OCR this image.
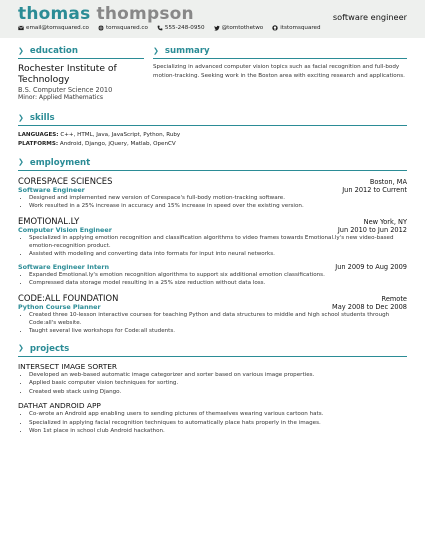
thomas thompson	software engineer
email@tomsquared.co	tomsquared.co	555-248-0950	@tomtothetwo	itstomsquared
❯ education
Rochester Institute of Technology
B.S. Computer Science 2010
Minor: Applied Mathematics
❯ summary
Specializing in advanced computer vision topics such as facial recognition and full-body motion-tracking. Seeking work in the Boston area with exciting research and applications.
❯ skills
LANGUAGES: C++, HTML, Java, JavaScript, Python, Ruby
PLATFORMS: Android, Django, jQuery, Matlab, OpenCV
❯ employment
CORESPACE SCIENCES	Boston, MA
Software Engineer	Jun 2012 to Current
• Designed and implemented new version of Corespace's full-body motion-tracking software.
• Work resulted in a 25% increase in accuracy and 15% increase in speed over the existing version.
EMOTIONAL.LY	New York, NY
Computer Vision Engineer	Jun 2010 to Jun 2012
• Specialized in applying emotion recognition and classification algorithms to video frames towards Emotional.ly's new video-based emotion-recognition product.
• Assisted with modeling and converting data into formats for input into neural networks.
Software Engineer Intern	Jun 2009 to Aug 2009
• Expanded Emotional.ly's emotion recognition algorithms to support six additional emotion classifications.
• Compressed data storage model resulting in a 25% size reduction without data loss.
CODE:ALL FOUNDATION	Remote
Python Course Planner	May 2008 to Dec 2008
• Created three 10-lesson interactive courses for teaching Python and data structures to middle and high school students through Code:all's website.
• Taught several live workshops for Code:all students.
❯ projects
INTERSECT IMAGE SORTER
• Developed an web-based automatic image categorizer and sorter based on various image properties.
• Applied basic computer vision techniques for sorting.
• Created web stack using Django.
DATHAT ANDROID APP
• Co-wrote an Android app enabling users to sending pictures of themselves wearing various cartoon hats.
• Specialized in applying facial recognition techniques to automatically place hats properly in the images.
• Won 1st place in school club Android hackathon.
